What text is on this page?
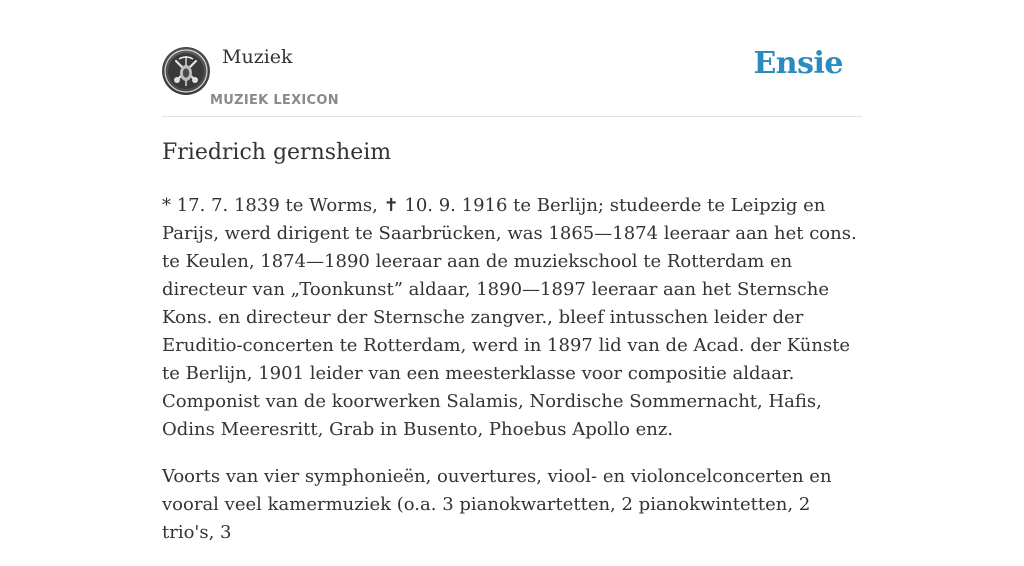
Muziek
MUZIEK LEXICON
Ensie
Friedrich gernsheim

* 17. 7. 1839 te Worms, ✝ 10. 9. 1916 te Berlijn; studeerde te Leipzig en Parijs, werd dirigent te Saarbrücken, was 1865—1874 leeraar aan het cons. te Keulen, 1874—1890 leeraar aan de muziekschool te Rotterdam en directeur van „Toonkunst” aldaar, 1890—1897 leeraar aan het Sternsche Kons. en directeur der Sternsche zangver., bleef intusschen leider der Eruditio-concerten te Rotterdam, werd in 1897 lid van de Acad. der Künste te Berlijn, 1901 leider van een meesterklasse voor compositie aldaar. Componist van de koorwerken Salamis, Nordische Sommernacht, Hafis, Odins Meeresritt, Grab in Busento, Phoebus Apollo enz.

Voorts van vier symphonieën, ouvertures, viool- en violoncelconcerten en vooral veel kamermuziek (o.a. 3 pianokwartetten, 2 pianokwintetten, 2 trio's, 3
